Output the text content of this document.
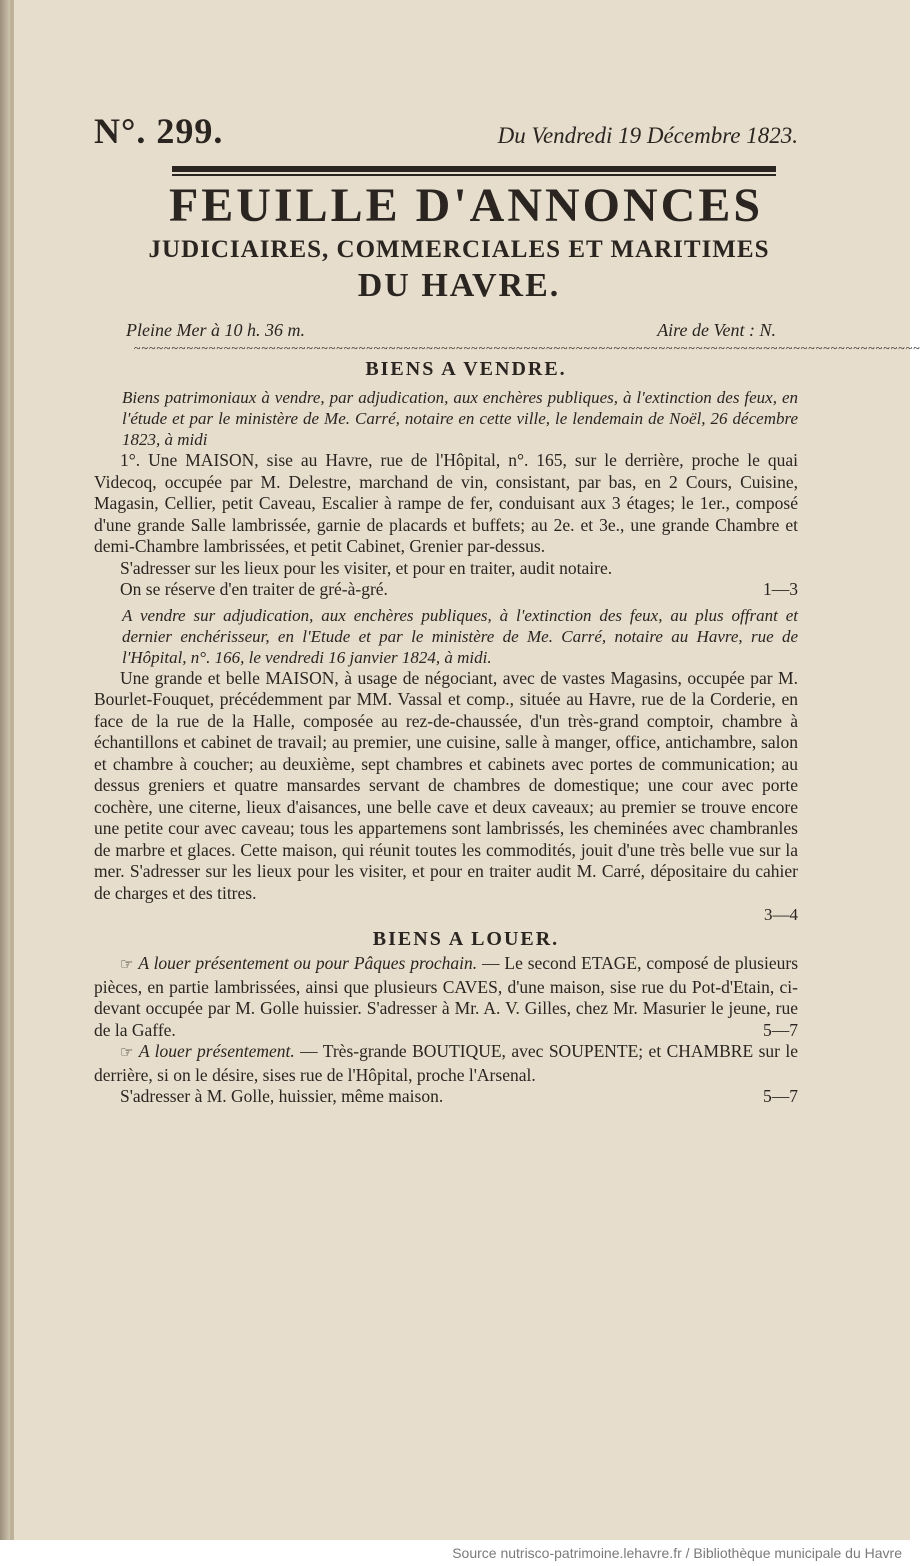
N°. 299.	Du Vendredi 19 Décembre 1823.
FEUILLE D'ANNONCES
JUDICIAIRES, COMMERCIALES ET MARITIMES
DU HAVRE.
Pleine Mer à 10 h. 36 m.	Aire de Vent : N.
~~~~~~~~~~~~~~~~~~~~~~~~~~~~~~~~~~~~~~~~~~~~~~~~~~~~~~~~~~~~~~~~~~~~~~~~~~~~~~~~~~~~~~~~~~~~~~~~~~~~~~~~~
BIENS A VENDRE.

Biens patrimoniaux à vendre, par adjudication, aux enchères publiques, à l'extinction des feux, en l'étude et par le ministère de Me. Carré, notaire en cette ville, le lendemain de Noël, 26 décembre 1823, à midi

1°. Une MAISON, sise au Havre, rue de l'Hôpital, n°. 165, sur le derrière, proche le quai Videcoq, occupée par M. Delestre, marchand de vin, consistant, par bas, en 2 Cours, Cuisine, Magasin, Cellier, petit Caveau, Escalier à rampe de fer, conduisant aux 3 étages; le 1er., composé d'une grande Salle lambrissée, garnie de placards et buffets; au 2e. et 3e., une grande Chambre et demi-Chambre lambrissées, et petit Cabinet, Grenier par-dessus.

S'adresser sur les lieux pour les visiter, et pour en traiter, audit notaire.

On se réserve d'en traiter de gré-à-gré.	1—3

A vendre sur adjudication, aux enchères publiques, à l'extinction des feux, au plus offrant et dernier enchérisseur, en l'Etude et par le ministère de Me. Carré, notaire au Havre, rue de l'Hôpital, n°. 166, le vendredi 16 janvier 1824, à midi.

Une grande et belle MAISON, à usage de négociant, avec de vastes Magasins, occupée par M. Bourlet-Fouquet, précédemment par MM. Vassal et comp., située au Havre, rue de la Corderie, en face de la rue de la Halle, composée au rez-de-chaussée, d'un très-grand comptoir, chambre à échantillons et cabinet de travail; au premier, une cuisine, salle à manger, office, antichambre, salon et chambre à coucher; au deuxième, sept chambres et cabinets avec portes de communication; au dessus greniers et quatre mansardes servant de chambres de domestique; une cour avec porte cochère, une citerne, lieux d'aisances, une belle cave et deux caveaux; au premier se trouve encore une petite cour avec caveau; tous les appartemens sont lambrissés, les cheminées avec chambranles de marbre et glaces. Cette maison, qui réunit toutes les commodités, jouit d'une très belle vue sur la mer. S'adresser sur les lieux pour les visiter, et pour en traiter audit M. Carré, dépositaire du cahier de charges et des titres.

3—4

BIENS A LOUER.

☞ A louer présentement ou pour Pâques prochain. — Le second ETAGE, composé de plusieurs pièces, en partie lambrissées, ainsi que plusieurs CAVES, d'une maison, sise rue du Pot-d'Etain, ci-devant occupée par M. Golle huissier. S'adresser à Mr. A. V. Gilles, chez Mr. Masurier le jeune, rue de la Gaffe.	5—7

☞ A louer présentement. — Très-grande BOUTIQUE, avec SOUPENTE; et CHAMBRE sur le derrière, si on le désire, sises rue de l'Hôpital, proche l'Arsenal.

S'adresser à M. Golle, huissier, même maison.	5—7

Source nutrisco-patrimoine.lehavre.fr / Bibliothèque municipale du Havre
